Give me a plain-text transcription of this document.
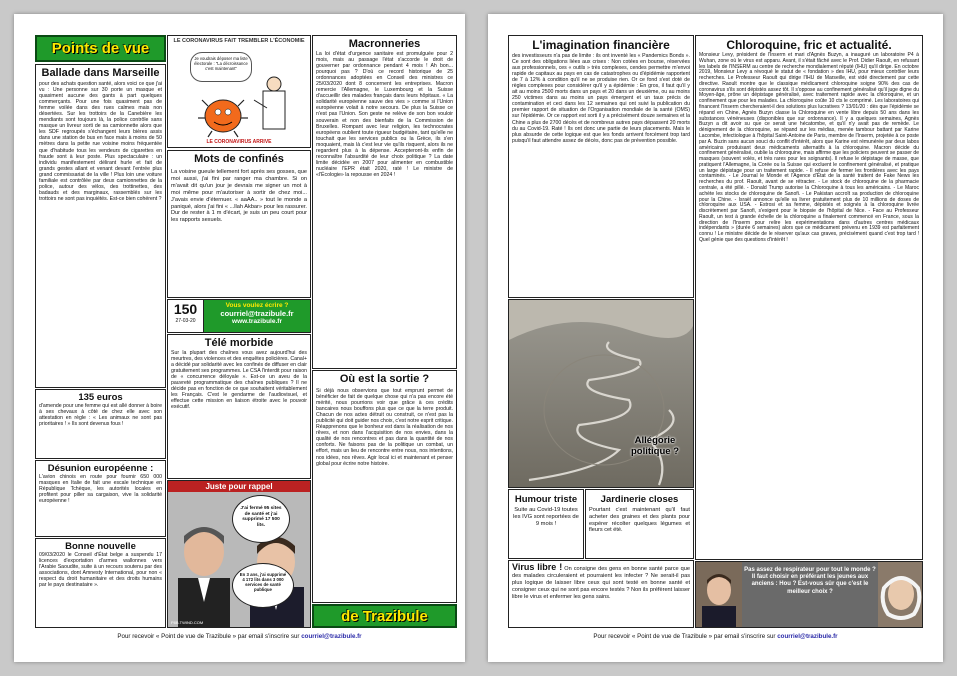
Points de vue
Ballade dans Marseille
pour des achats question santé, alors voici ce que j'ai vu : Une personne sur 30 porte un masque et quasiment aucune des gants à part quelques commerçants. Pour une fois quasiment pas de femme voilée dans des rues calmes mais non désertées. Sur les trottoirs de la Canebière les mendiants sont toujours là, la police contrôle sans masque un livreur sorti de sa camionnette alors que les SDF regroupés s'échangent leurs bières assis dans une station de bus en face mais à moins de 50 mètres dans la petite rue voisine moins fréquentée que d'habitude tous les vendeurs de cigarettes en fraude sont à leur poste. Plus spectaculaire : un individu manifestement délirant hurle et fait de grands gestes allant et venant devant l'entrée plus grand commissariat de la ville ! Plus loin une voiture familiale est contrôlée par deux camionnettes de la police, autour des vélos, des trottinettes, des badauds et des marginaux, rassemblés sur les trottoirs ne sont pas inquiétés. Est-ce bien cohérent ?
135 euros
d'amende pour une femme qui est allé donner à boire à ses chevaux à côté de chez elle avec son attestation en règle : « Les animaux ne sont pas prioritaires ! » Ils sont devenus fous !
Désunion européenne :
L'avion chinois en route pour fournir 650 000 masques en Italie de fait une escale technique en République Tchèque, les autorités locales en profitent pour piller sa cargaison, vive la solidarité européenne !
Bonne nouvelle
09/03/2020 le Conseil d'État belge a suspendu 17 licences d'exportation d'armes wallonnes vers l'Arabie Saoudite, suite à un recours soutenu par des associations, dont Amnesty International, pour non « respect du droit humanitaire et des droits humains par le pays destinataire ».
LE CORONAVIRUS FAIT TREMBLER L'ÉCONOMIE
Je voudrais déposer ma liste électorale : "La décroissance c'est maintenant"
LE CORONAVIRUS ARRIVE
Mots de confinés
La voisine gueule tellement fort après ses gosses, que moi aussi, j'ai fini par ranger ma chambre. Si on m'avait dit qu'un jour je devrais me signer un mot à moi même pour m'autoriser à sortir de chez moi... J'avais envie d'éternuer. « aaAA.. » tout le monde a paniqué, alors j'ai fini « ...llah Akbar» pour les rassurer. Dur de rester à 1 m d'écart, je suis un peu court pour les rapports sexuels.
150
27-03-20
Vous voulez écrire ?
courriel@trazibule.fr
www.trazibule.fr
Télé morbide
Sur la plupart des chaînes vous avez aujourd'hui des meurtres, des violences et des enquêtes policières. Canal+ a décidé par solidarité avec les confinés de diffuser en clair gratuitement ses programmes. Le CSA l'interdit pour raison de « concurrence déloyale ». Est-ce un aveu de la pauvreté programmatique des chaînes publiques ? Il ne décide pas en fonction de ce que souhaitent véritablement les Français. C'est le gendarme de l'audiovisuel, et effectue cette mission en liaison étroite avec le pouvoir exécutif.
Juste pour rappel
J'ai fermé 95 sites de santé et j'ai supprimé 17 500 lits.
En 3 ans, j'ai supprimé 4 172 lits dans 3 000 services de santé publique
P8B.TWIND.COM
Macronneries
La loi d'état d'urgence sanitaire est promulguée pour 2 mois, mais au passage l'état s'accorde le droit de gouverner par ordonnance pendant 4 mois ! Ah bon... pourquoi pas ? D'où ce record historique de 25 ordonnances adoptées en Conseil des ministres ce 25/03/2020 dont 8 concernent les entreprises. Macron remercie l'Allemagne, le Luxembourg et la Suisse d'accueillir des malades français dans leurs hôpitaux. « La solidarité européenne sauve des vies » comme si l'Union européenne volait à notre secours. De plus la Suisse ce n'est pas l'Union. Son geste ne relève de son bon vouloir souverain et non des bienfaits de la Commission de Bruxelles. Rompant avec leur religion, les technocrates européens oublient toute rigueur budgétaire, tant qu'elle ne touchait que les services publics ou la Grèce, ils s'en moquaient, mais là c'est leur vie qu'ils risquent, alors ils ne regardent plus à la dépense. Accepteront-ils enfin de reconnaître l'absurdité de leur choix politique ? La date limite décidée en 2007 pour alimenter en combustible nucléaire l'EPR était 2020, raté ! Le ministre de «l'Écologie» la repousse en 2024 !
Où est la sortie ?
Si déjà nous observions que tout emprunt permet de bénéficier de fait de quelque chose qui n'a pas encore été mérité, nous pourrions voir que grâce à ces crédits bancaires nous bouffons plus que ce que la terre produit. Chacun de nos actes détruit ou construit, ce n'est pas la publicité qui doit guider nos choix, c'est notre esprit critique. Réapprenons que le bonheur est dans la réalisation de nos rêves, et non dans l'acquisition de nos envies, dans la qualité de nos rencontres et pas dans la quantité de nos conforts. Ne faisons pas de la politique un combat, un effort, mais un lieu de rencontre entre nous, nos intentions, nos idées, nos rêves. Agir local ici et maintenant et penser global pour écrire notre histoire.
de Trazibule
Pour recevoir « Point de vue de Trazibule » par email s'inscrire sur courriel@trazibule.fr
L'imagination financière
des investisseurs n'a pas de limite : ils ont inventé les « Pandemics Bonds ». Ce sont des obligations liées aux crises : Non cotées en bourse, réservées aux professionnels, ces « outils » très complexes, cendes permettre m'envoi rapide de capitaux au pays en cas de catastrophes ou d'épidémie rapportent de 7 à 12% à condition qu'il ne se produise rien. Or ce fond s'est doté de règles complexes pour considérer qu'il y a épidémie : En gros, il faut qu'il y ait au moins 2500 morts dans un pays et 20 dans un deuxième, ou au moins 250 victimes dans au moins un pays émergent et un taux précis de contamination et ceci dans les 12 semaines qui ont suivi la publication du premier rapport de situation de l'Organisation mondiale de la santé (OMS) sur l'épidémie. Or ce rapport est sorti il y a précisément douze semaines et la Chine a plus de 2700 décès et de nombreux autres pays dépassent 20 morts du au Covid-19. Raté ! Ils ont donc une partie de leurs placements. Mais le plus absurde de cette logique est que les fonds arrivent forcément trop tard puisqu'il faut attendre assez de décès, donc pas de prévention possible.
Allégorie politique ?
Humour triste
Suite au Covid-19 toutes les IVG sont reportées de 9 mois !
Jardinerie closes
Pourtant c'est maintenant qu'il faut acheter des graines et des plants pour espérer récolter quelques légumes et fleurs cet été.
Virus libre ! On consigne des gens en bonne santé parce que des malades circuleraient et pourraient les infecter ? Ne serait-il pas plus logique de laisser libre ceux qui sont testé en bonne santé et consigner ceux qui ne sont pas encore testés ? Non ils préfèrent laisser libre le virus et enfermer les gens sains.
Chloroquine, fric et actualité.
Monsieur Levy, président de l'Inserm et mari d'Agnès Buzyn, a inauguré un laboratoire P4 à Wuhan, zone où le virus est apparu. Avant, il s'était fâché avec le Prof. Didier Raoult, en refusant les labels de l'INSERM au centre de recherche mondialement réputé (IHU) qu'il dirige. En octobre 2019, Monsieur Levy a révoqué le statut de « fondation » des IHU, pour mieux contrôler leurs recherches. Le Professeur Raoult qui dirige l'IHU de Marseille, est vidé directement par cette directive. Raoult montre que le classique médicament chloroquine soigne 90% des cas de coronavirus s'ils sont dépistés assez tôt. Il s'oppose au confinement généralisé qu'il juge digne du Moyen-âge, prône un dépistage généralisé, avec traitement rapide avec la chloroquine, et un confinement que pour les malades. La chloroquine coûte 10 cts le comprimé. Les laboratoires qui financent l'Inserm chercheraient-il des solutions plus lucratives ? 13/01/20 : dès que l'épidémie se répand en Chine, Agnès Buzyn classe la Chloroquine en vente libre depuis 50 ans dans les substances vénéneuses (disponibles que sur ordonnance). Il y a quelques semaines, Agnès Buzyn a dit avoir su que ce serait une hécatombe, et qu'il n'y avait pas de remède. Le dénigrement de la chloroquine, se répand sur les médias, menée tambour battant par Karine Lacombe, infectiologue à l'hôpital Saint-Antoine de Paris, membre de l'Inserm, projetée à ce poste par A. Buzin sans aucun souci du conflit d'intérêt, alors que Karine est rémunérée par deux labos américains produisant deux médicaments alternatifs à la chloroquine. Macron décide du confinement généralisé, oublie la chloroquine, mais affirme que les policiers peuvent se passer de masques (souvent volés, et très rares pour les soignants). Il refuse le dépistage de masse, que pratiquent l'Allemagne, la Corée ou la Suisse qui excluent le confinement généralisé, et pratique un large dépistage pour un traitement rapide. - Il refuse de fermer les frontières avec les pays contaminés. - Le Journal le Monde et l'Agence d'État de la santé traitent de Fake News les recherches du prof. Raoult, avant de se rétracter. - Le stock de chloroquine de la pharmacie centrale, a été pillé. - Donald Trump autorise la Chloroquine à tous les américains. - Le Maroc achète les stocks de chloroquine de Sanofi. - Le Pakistan accroît sa production de chloroquine pour la Chine. - Israël annonce qu'elle va livrer gratuitement plus de 10 millions de doses de chloroquine aux USA. - Estrosi et sa femme, dépistés et soignés à la chloroquine livrée discrètement par Sanofi, s'exigent pour le biopsie de l'hôpital de Nice. - Face au Professeur Raoult, un test à grande échelle de la chloroquine a finalement commencé en France, sous la direction de l'Inserm pour relire les expérimentations dans d'autres centres médicaux indépendants » (durée 6 semaines) alors que ce médicament prévenu en 1939 est parfaitement connu ! Le ministre décide de le réserver qu'aux cas graves, précisément quand c'est trop tard ! Quel génie que des questions d'intérêt !
Pas assez de respirateur pour tout le monde ? Il faut choisir en préférant les jeunes aux anciens : Hou ? Est-vous sûr que c'est le meilleur choix ?
Pour recevoir « Point de vue de Trazibule » par email s'inscrire sur courriel@trazibule.fr
